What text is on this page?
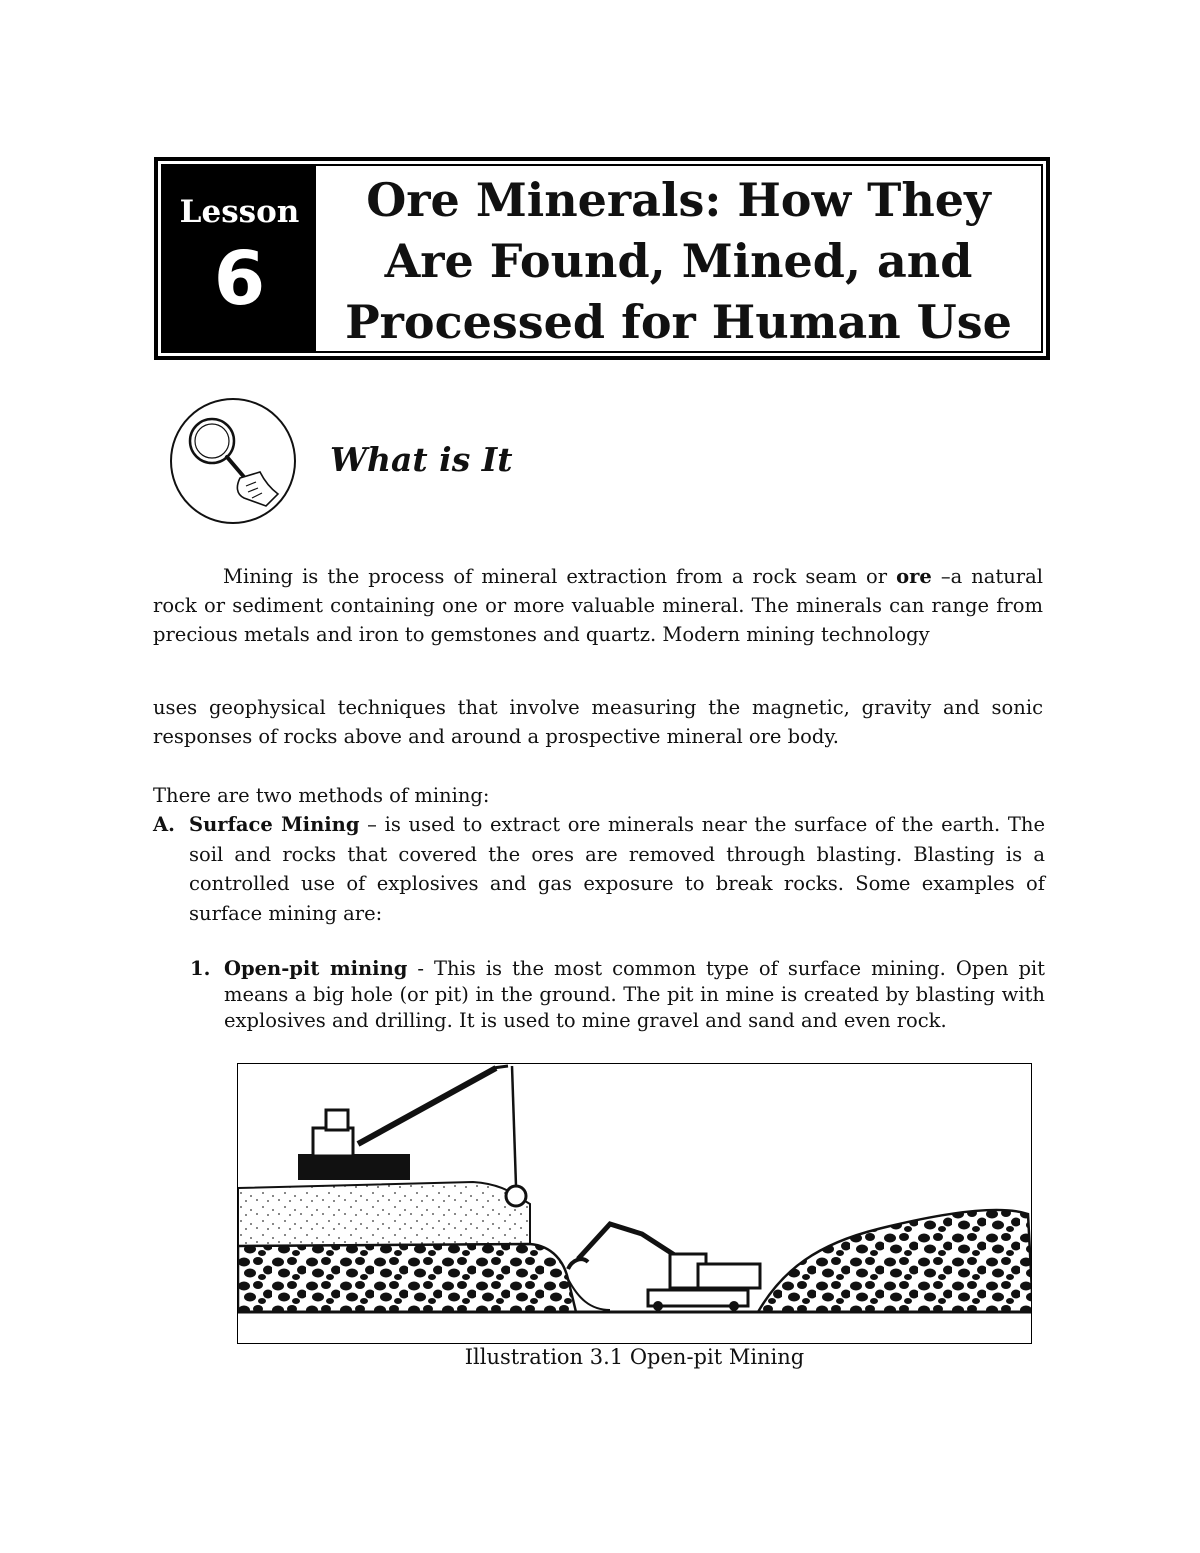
Lesson
6
Ore Minerals: How They
Are Found, Mined, and
Processed for Human Use
What is It
Mining is the process of mineral extraction from a rock seam or ore –a natural rock or sediment containing one or more valuable mineral. The minerals can range from precious metals and iron to gemstones and quartz. Modern mining technology
uses geophysical techniques that involve measuring the magnetic, gravity and sonic responses of rocks above and around a prospective mineral ore body.
There are two methods of mining:
A. Surface Mining – is used to extract ore minerals near the surface of the earth. The soil and rocks that covered the ores are removed through blasting. Blasting is a controlled use of explosives and gas exposure to break rocks. Some examples of surface mining are:
1. Open-pit mining - This is the most common type of surface mining. Open pit means a big hole (or pit) in the ground. The pit in mine is created by blasting with explosives and drilling. It is used to mine gravel and sand and even rock.
Illustration 3.1 Open-pit Mining
